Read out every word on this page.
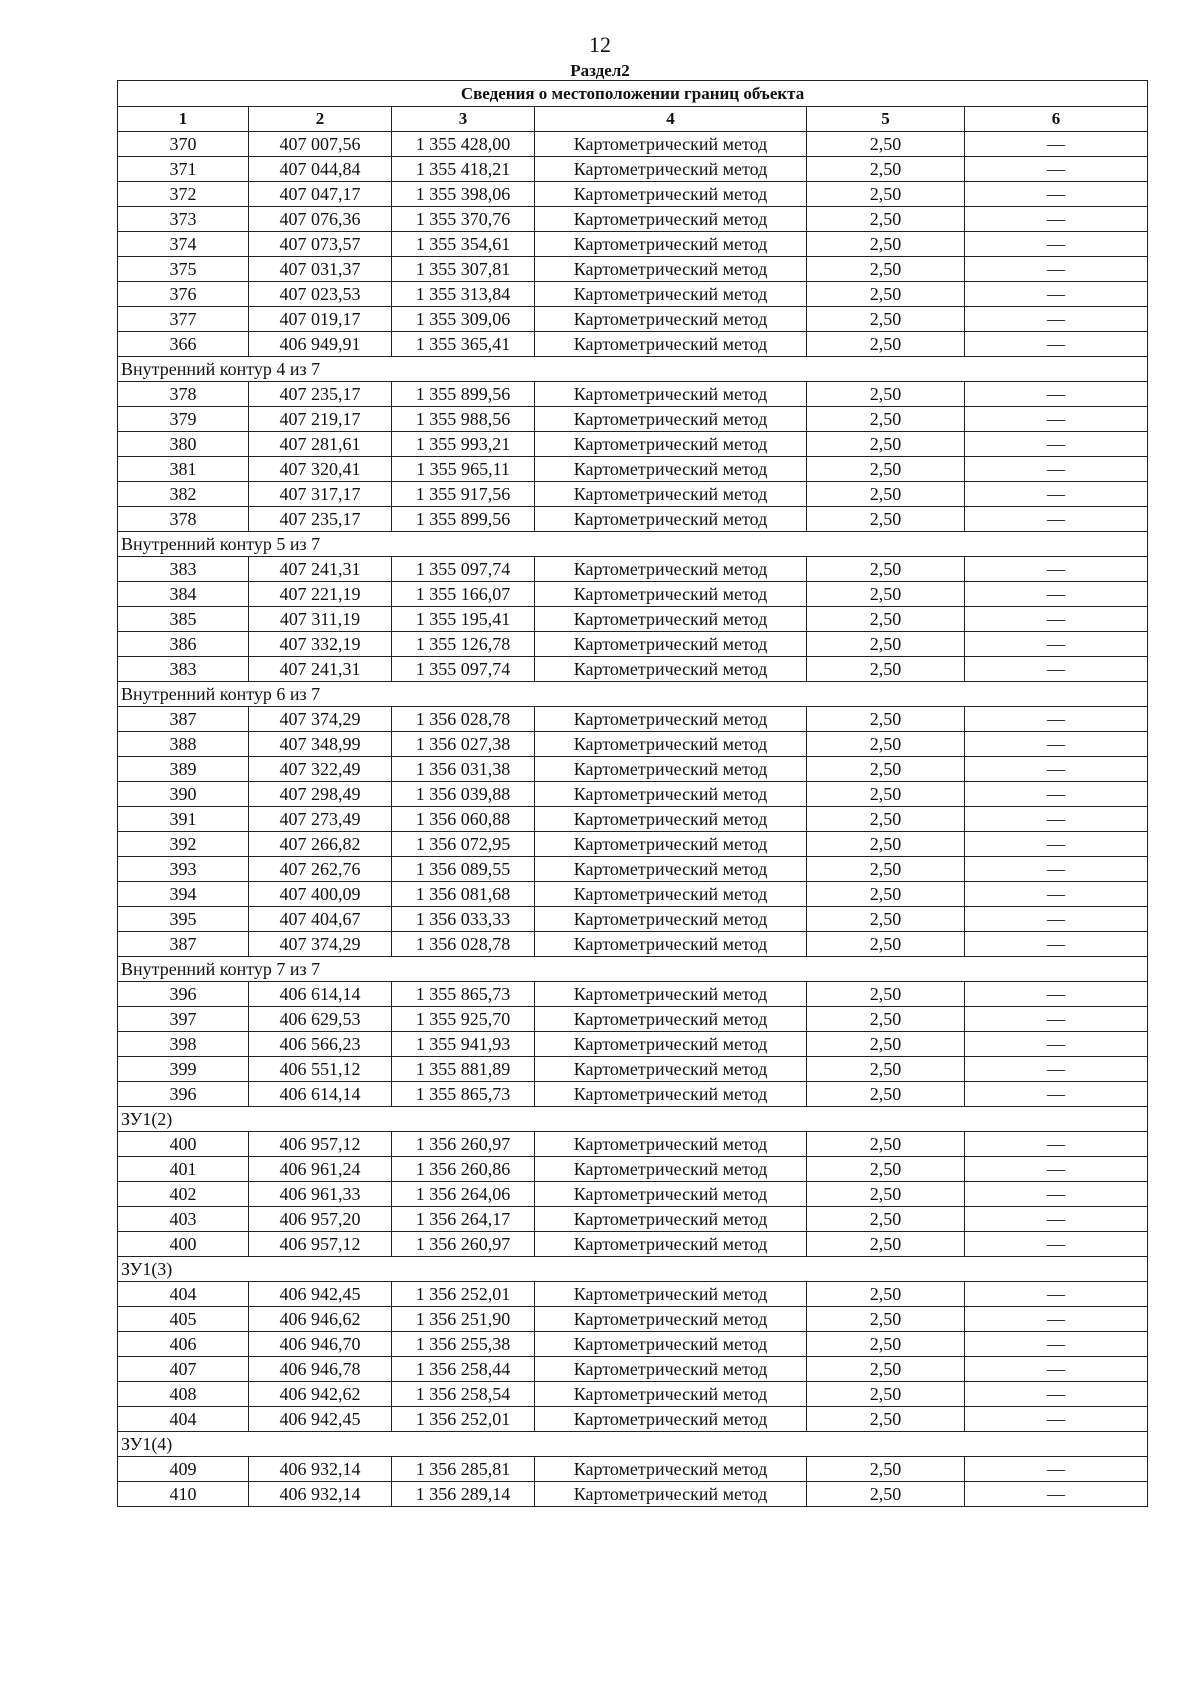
12
Раздел2
Сведения о местоположении границ объекта					
1	2	3	4	5	6
370	407 007,56	1 355 428,00	Картометрический метод	2,50	—
371	407 044,84	1 355 418,21	Картометрический метод	2,50	—
372	407 047,17	1 355 398,06	Картометрический метод	2,50	—
373	407 076,36	1 355 370,76	Картометрический метод	2,50	—
374	407 073,57	1 355 354,61	Картометрический метод	2,50	—
375	407 031,37	1 355 307,81	Картометрический метод	2,50	—
376	407 023,53	1 355 313,84	Картометрический метод	2,50	—
377	407 019,17	1 355 309,06	Картометрический метод	2,50	—
366	406 949,91	1 355 365,41	Картометрический метод	2,50	—
Внутренний контур 4 из 7					
378	407 235,17	1 355 899,56	Картометрический метод	2,50	—
379	407 219,17	1 355 988,56	Картометрический метод	2,50	—
380	407 281,61	1 355 993,21	Картометрический метод	2,50	—
381	407 320,41	1 355 965,11	Картометрический метод	2,50	—
382	407 317,17	1 355 917,56	Картометрический метод	2,50	—
378	407 235,17	1 355 899,56	Картометрический метод	2,50	—
Внутренний контур 5 из 7					
383	407 241,31	1 355 097,74	Картометрический метод	2,50	—
384	407 221,19	1 355 166,07	Картометрический метод	2,50	—
385	407 311,19	1 355 195,41	Картометрический метод	2,50	—
386	407 332,19	1 355 126,78	Картометрический метод	2,50	—
383	407 241,31	1 355 097,74	Картометрический метод	2,50	—
Внутренний контур 6 из 7					
387	407 374,29	1 356 028,78	Картометрический метод	2,50	—
388	407 348,99	1 356 027,38	Картометрический метод	2,50	—
389	407 322,49	1 356 031,38	Картометрический метод	2,50	—
390	407 298,49	1 356 039,88	Картометрический метод	2,50	—
391	407 273,49	1 356 060,88	Картометрический метод	2,50	—
392	407 266,82	1 356 072,95	Картометрический метод	2,50	—
393	407 262,76	1 356 089,55	Картометрический метод	2,50	—
394	407 400,09	1 356 081,68	Картометрический метод	2,50	—
395	407 404,67	1 356 033,33	Картометрический метод	2,50	—
387	407 374,29	1 356 028,78	Картометрический метод	2,50	—
Внутренний контур 7 из 7					
396	406 614,14	1 355 865,73	Картометрический метод	2,50	—
397	406 629,53	1 355 925,70	Картометрический метод	2,50	—
398	406 566,23	1 355 941,93	Картометрический метод	2,50	—
399	406 551,12	1 355 881,89	Картометрический метод	2,50	—
396	406 614,14	1 355 865,73	Картометрический метод	2,50	—
ЗУ1(2)					
400	406 957,12	1 356 260,97	Картометрический метод	2,50	—
401	406 961,24	1 356 260,86	Картометрический метод	2,50	—
402	406 961,33	1 356 264,06	Картометрический метод	2,50	—
403	406 957,20	1 356 264,17	Картометрический метод	2,50	—
400	406 957,12	1 356 260,97	Картометрический метод	2,50	—
ЗУ1(3)					
404	406 942,45	1 356 252,01	Картометрический метод	2,50	—
405	406 946,62	1 356 251,90	Картометрический метод	2,50	—
406	406 946,70	1 356 255,38	Картометрический метод	2,50	—
407	406 946,78	1 356 258,44	Картометрический метод	2,50	—
408	406 942,62	1 356 258,54	Картометрический метод	2,50	—
404	406 942,45	1 356 252,01	Картометрический метод	2,50	—
ЗУ1(4)					
409	406 932,14	1 356 285,81	Картометрический метод	2,50	—
410	406 932,14	1 356 289,14	Картометрический метод	2,50	—
